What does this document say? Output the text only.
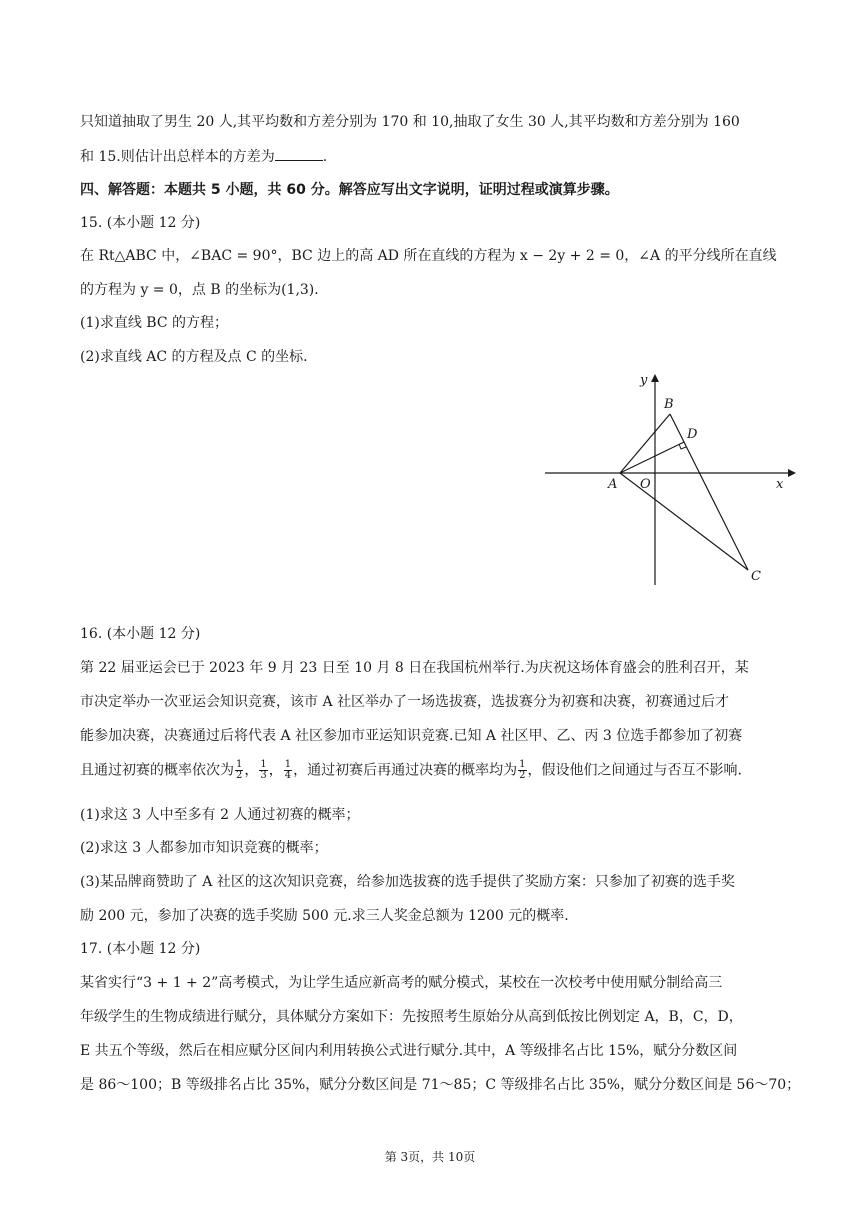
只知道抽取了男生 20 人,其平均数和方差分别为 170 和 10,抽取了女生 30 人,其平均数和方差分别为 160
和 15.则估计出总样本的方差为	.
四、解答题：本题共 5 小题，共 60 分。解答应写出文字说明，证明过程或演算步骤。
15. (本小题 12 分)
在 Rt△ABC 中，∠BAC = 90°，BC 边上的高 AD 所在直线的方程为 x − 2y + 2 = 0，∠A 的平分线所在直线
的方程为 y = 0，点 B 的坐标为(1,3).
(1)求直线 BC 的方程；
(2)求直线 AC 的方程及点 C 的坐标.
y
x
A
B
C
D
O
16. (本小题 12 分)
第 22 届亚运会已于 2023 年 9 月 23 日至 10 月 8 日在我国杭州举行.为庆祝这场体育盛会的胜利召开，某
市决定举办一次亚运会知识竞赛，该市 A 社区举办了一场选拔赛，选拔赛分为初赛和决赛，初赛通过后才
能参加决赛，决赛通过后将代表 A 社区参加市亚运知识竞赛.已知 A 社区甲、乙、丙 3 位选手都参加了初赛
且通过初赛的概率依次为 $\frac{1}{2}$ ， $\frac{1}{3}$ ， $\frac{1}{4}$ ，通过初赛后再通过决赛的概率均为 $\frac{1}{2}$ ，假设他们之间通过与否互不影响.
(1)求这 3 人中至多有 2 人通过初赛的概率；
(2)求这 3 人都参加市知识竞赛的概率；
(3)某品牌商赞助了 A 社区的这次知识竞赛，给参加选拔赛的选手提供了奖励方案：只参加了初赛的选手奖
励 200 元，参加了决赛的选手奖励 500 元.求三人奖金总额为 1200 元的概率.
17. (本小题 12 分)
某省实行“3 + 1 + 2”高考模式，为让学生适应新高考的赋分模式，某校在一次校考中使用赋分制给高三
年级学生的生物成绩进行赋分，具体赋分方案如下：先按照考生原始分从高到低按比例划定 A，B，C，D，
E 共五个等级，然后在相应赋分区间内利用转换公式进行赋分.其中，A 等级排名占比 15%，赋分分数区间
是 86～100；B 等级排名占比 35%，赋分分数区间是 71～85；C 等级排名占比 35%，赋分分数区间是 56～70；
第 3页，共 10页
